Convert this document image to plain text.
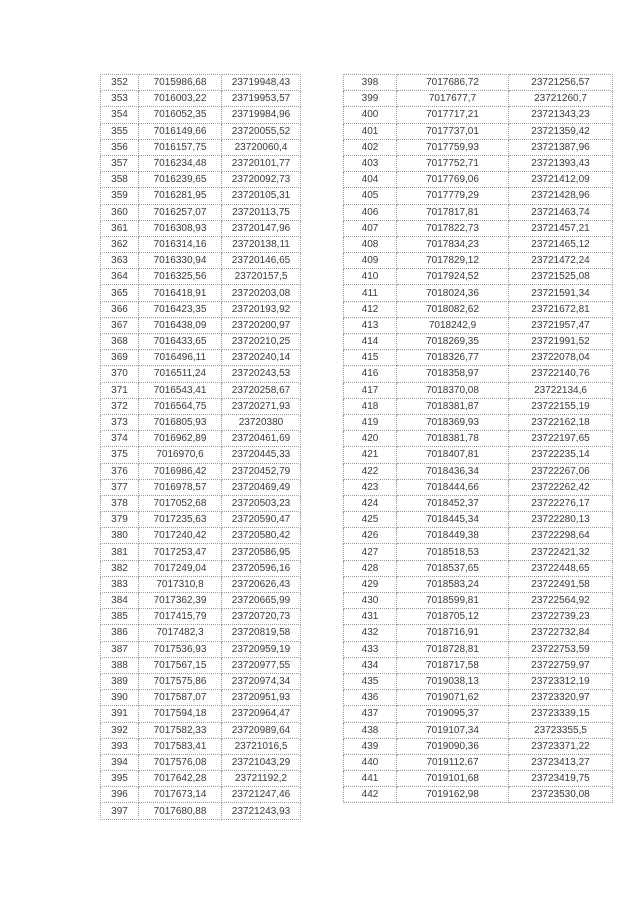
352	7015986,68	23719948,43
353	7016003,22	23719953,57
354	7016052,35	23719984,96
355	7016149,66	23720055,52
356	7016157,75	23720060,4
357	7016234,48	23720101,77
358	7016239,65	23720092,73
359	7016281,95	23720105,31
360	7016257,07	23720113,75
361	7016308,93	23720147,96
362	7016314,16	23720138,11
363	7016330,94	23720146,65
364	7016325,56	23720157,5
365	7016418,91	23720203,08
366	7016423,35	23720193,92
367	7016438,09	23720200,97
368	7016433,65	23720210,25
369	7016496,11	23720240,14
370	7016511,24	23720243,53
371	7016543,41	23720258,67
372	7016564,75	23720271,93
373	7016805,93	23720380
374	7016962,89	23720461,69
375	7016970,6	23720445,33
376	7016986,42	23720452,79
377	7016978,57	23720469,49
378	7017052,68	23720503,23
379	7017235,63	23720590,47
380	7017240,42	23720580,42
381	7017253,47	23720586,95
382	7017249,04	23720596,16
383	7017310,8	23720626,43
384	7017362,39	23720665,99
385	7017415,79	23720720,73
386	7017482,3	23720819,58
387	7017536,93	23720959,19
388	7017567,15	23720977,55
389	7017575,86	23720974,34
390	7017587,07	23720951,93
391	7017594,18	23720964,47
392	7017582,33	23720989,64
393	7017583,41	23721016,5
394	7017576,08	23721043,29
395	7017642,28	23721192,2
396	7017673,14	23721247,46
397	7017680,88	23721243,93
398	7017686,72	23721256,57
399	7017677,7	23721260,7
400	7017717,21	23721343,23
401	7017737,01	23721359,42
402	7017759,93	23721387,96
403	7017752,71	23721393,43
404	7017769,06	23721412,09
405	7017779,29	23721428,96
406	7017817,81	23721463,74
407	7017822,73	23721457,21
408	7017834,23	23721465,12
409	7017829,12	23721472,24
410	7017924,52	23721525,08
411	7018024,36	23721591,34
412	7018082,62	23721672,81
413	7018242,9	23721957,47
414	7018269,35	23721991,52
415	7018326,77	23722078,04
416	7018358,97	23722140,76
417	7018370,08	23722134,6
418	7018381,87	23722155,19
419	7018369,93	23722162,18
420	7018381,78	23722197,65
421	7018407,81	23722235,14
422	7018436,34	23722267,06
423	7018444,66	23722262,42
424	7018452,37	23722276,17
425	7018445,34	23722280,13
426	7018449,38	23722298,64
427	7018518,53	23722421,32
428	7018537,65	23722448,65
429	7018583,24	23722491,58
430	7018599,81	23722564,92
431	7018705,12	23722739,23
432	7018716,91	23722732,84
433	7018728,81	23722753,59
434	7018717,58	23722759,97
435	7019038,13	23723312,19
436	7019071,62	23723320,97
437	7019095,37	23723339,15
438	7019107,34	23723355,5
439	7019090,36	23723371,22
440	7019112,67	23723413,27
441	7019101,68	23723419,75
442	7019162,98	23723530,08
